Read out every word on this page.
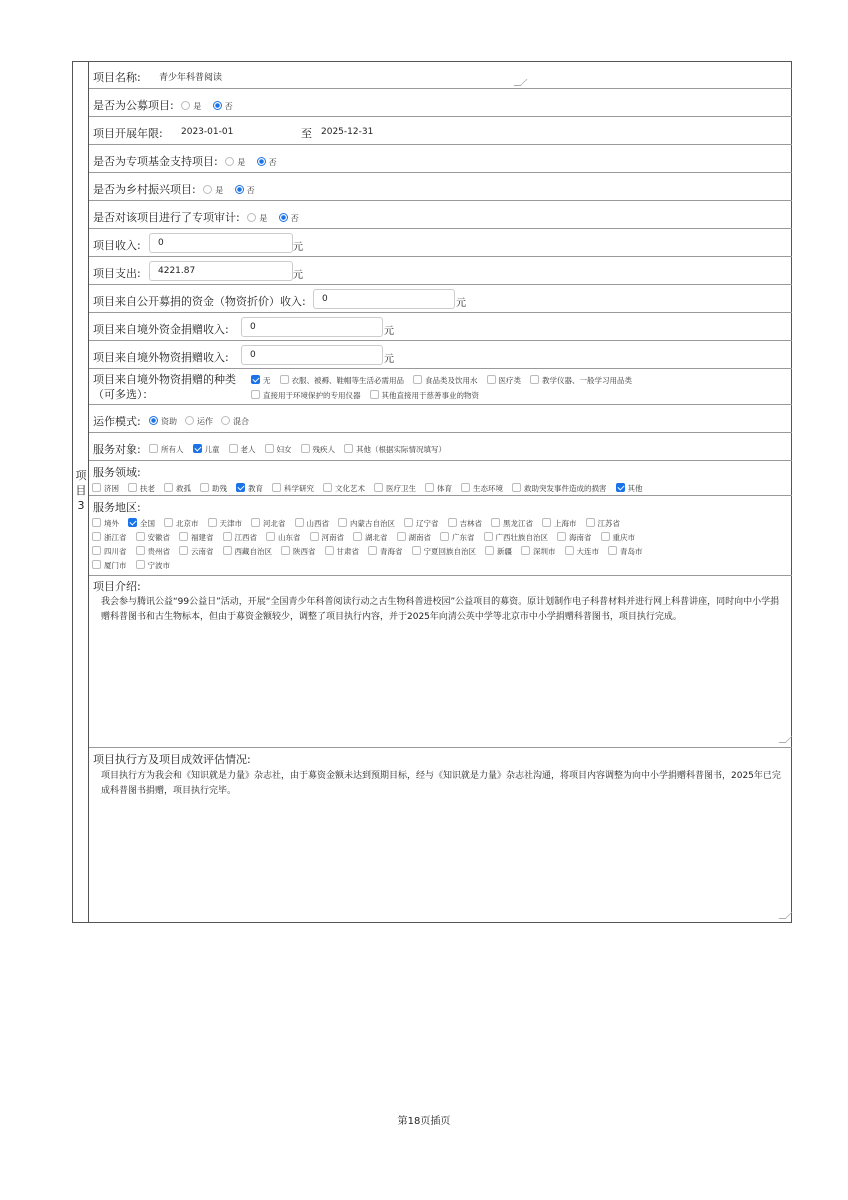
项目3
项目名称: 青少年科普阅读
是否为公募项目: 是	否
项目开展年限: 2023-01-01	至 2025-12-31
是否为专项基金支持项目: 是	否
是否为乡村振兴项目: 是	否
是否对该项目进行了专项审计: 是	否
项目收入:	0	元
项目支出:	4221.87	元
项目来自公开募捐的资金（物资折价）收入:	0	元
项目来自境外资金捐赠收入:	0	元
项目来自境外物资捐赠收入:	0	元
项目来自境外物资捐赠的种类
（可多选）：
无	衣服、被褥、鞋帽等生活必需用品	食品类及饮用水	医疗类	教学仪器、一般学习用品类
直接用于环境保护的专用仪器	其他直接用于慈善事业的物资
运作模式:	资助	运作	混合
服务对象:	所有人	儿童	老人	妇女	残疾人	其他（根据实际情况填写）
服务领域:
济困	扶老	救孤	助残	教育	科学研究	文化艺术	医疗卫生	体育	生态环境	救助突发事件造成的损害	其他
服务地区:
境外	全国	北京市	天津市	河北省	山西省	内蒙古自治区	辽宁省	吉林省	黑龙江省	上海市	江苏省
浙江省	安徽省	福建省	江西省	山东省	河南省	湖北省	湖南省	广东省	广西壮族自治区	海南省	重庆市
四川省	贵州省	云南省	西藏自治区	陕西省	甘肃省	青海省	宁夏回族自治区	新疆	深圳市	大连市	青岛市
厦门市	宁波市
项目介绍:
我会参与腾讯公益“99公益日”活动，开展“全国青少年科普阅读行动之古生物科普进校园”公益项目的募资。原计划制作电子科普材料并进行网上科普讲座，同时向中小学捐赠科普图书和古生物标本，但由于募资金额较少，调整了项目执行内容，并于2025年向清公英中学等北京市中小学捐赠科普图书，项目执行完成。
项目执行方及项目成效评估情况:
项目执行方为我会和《知识就是力量》杂志社，由于募资金额未达到预期目标，经与《知识就是力量》杂志社沟通，将项目内容调整为向中小学捐赠科普图书，2025年已完成科普图书捐赠，项目执行完毕。
第18页插页
